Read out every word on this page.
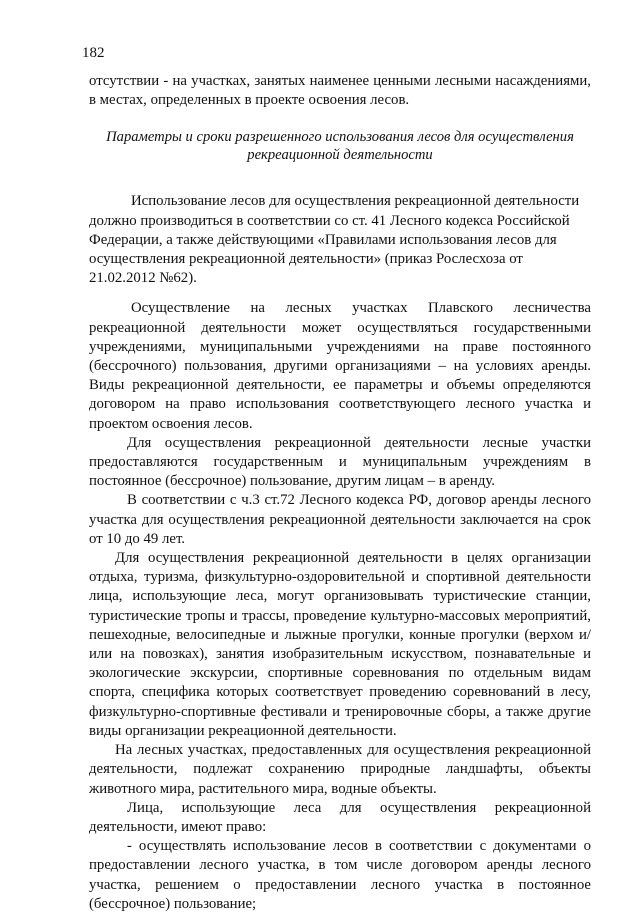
182

отсутствии - на участках, занятых наименее ценными лесными насаждениями, в местах, определенных в проекте освоения лесов.

Параметры и сроки разрешенного использования лесов для осуществления рекреационной деятельности

Использование лесов для осуществления рекреационной деятельности должно производиться в соответствии со ст. 41 Лесного кодекса Российской Федерации, а также действующими «Правилами использования лесов для осуществления рекреационной деятельности» (приказ Рослесхоза от 21.02.2012 №62).

Осуществление на лесных участках Плавского лесничества рекреационной деятельности может осуществляться государственными учреждениями, муниципальными учреждениями на праве постоянного (бессрочного) пользования, другими организациями – на условиях аренды. Виды рекреационной деятельности, ее параметры и объемы определяются договором на право использования соответствующего лесного участка и проектом освоения лесов.

Для осуществления рекреационной деятельности лесные участки предоставляются государственным и муниципальным учреждениям в постоянное (бессрочное) пользование, другим лицам – в аренду.

В соответствии с ч.3 ст.72 Лесного кодекса РФ, договор аренды лесного участка для осуществления рекреационной деятельности заключается на срок от 10 до 49 лет.

Для осуществления рекреационной деятельности в целях организации отдыха, туризма, физкультурно-оздоровительной и спортивной деятельности лица, использующие леса, могут организовывать туристические станции, туристические тропы и трассы, проведение культурно-массовых мероприятий, пешеходные, велосипедные и лыжные прогулки, конные прогулки (верхом и/или на повозках), занятия изобразительным искусством, познавательные и экологические экскурсии, спортивные соревнования по отдельным видам спорта, специфика которых соответствует проведению соревнований в лесу, физкультурно-спортивные фестивали и тренировочные сборы, а также другие виды организации рекреационной деятельности.

На лесных участках, предоставленных для осуществления рекреационной деятельности, подлежат сохранению природные ландшафты, объекты животного мира, растительного мира, водные объекты.

Лица, использующие леса для осуществления рекреационной деятельности, имеют право:

- осуществлять использование лесов в соответствии с документами о предоставлении лесного участка, в том числе договором аренды лесного участка, решением о предоставлении лесного участка в постоянное (бессрочное) пользование;
